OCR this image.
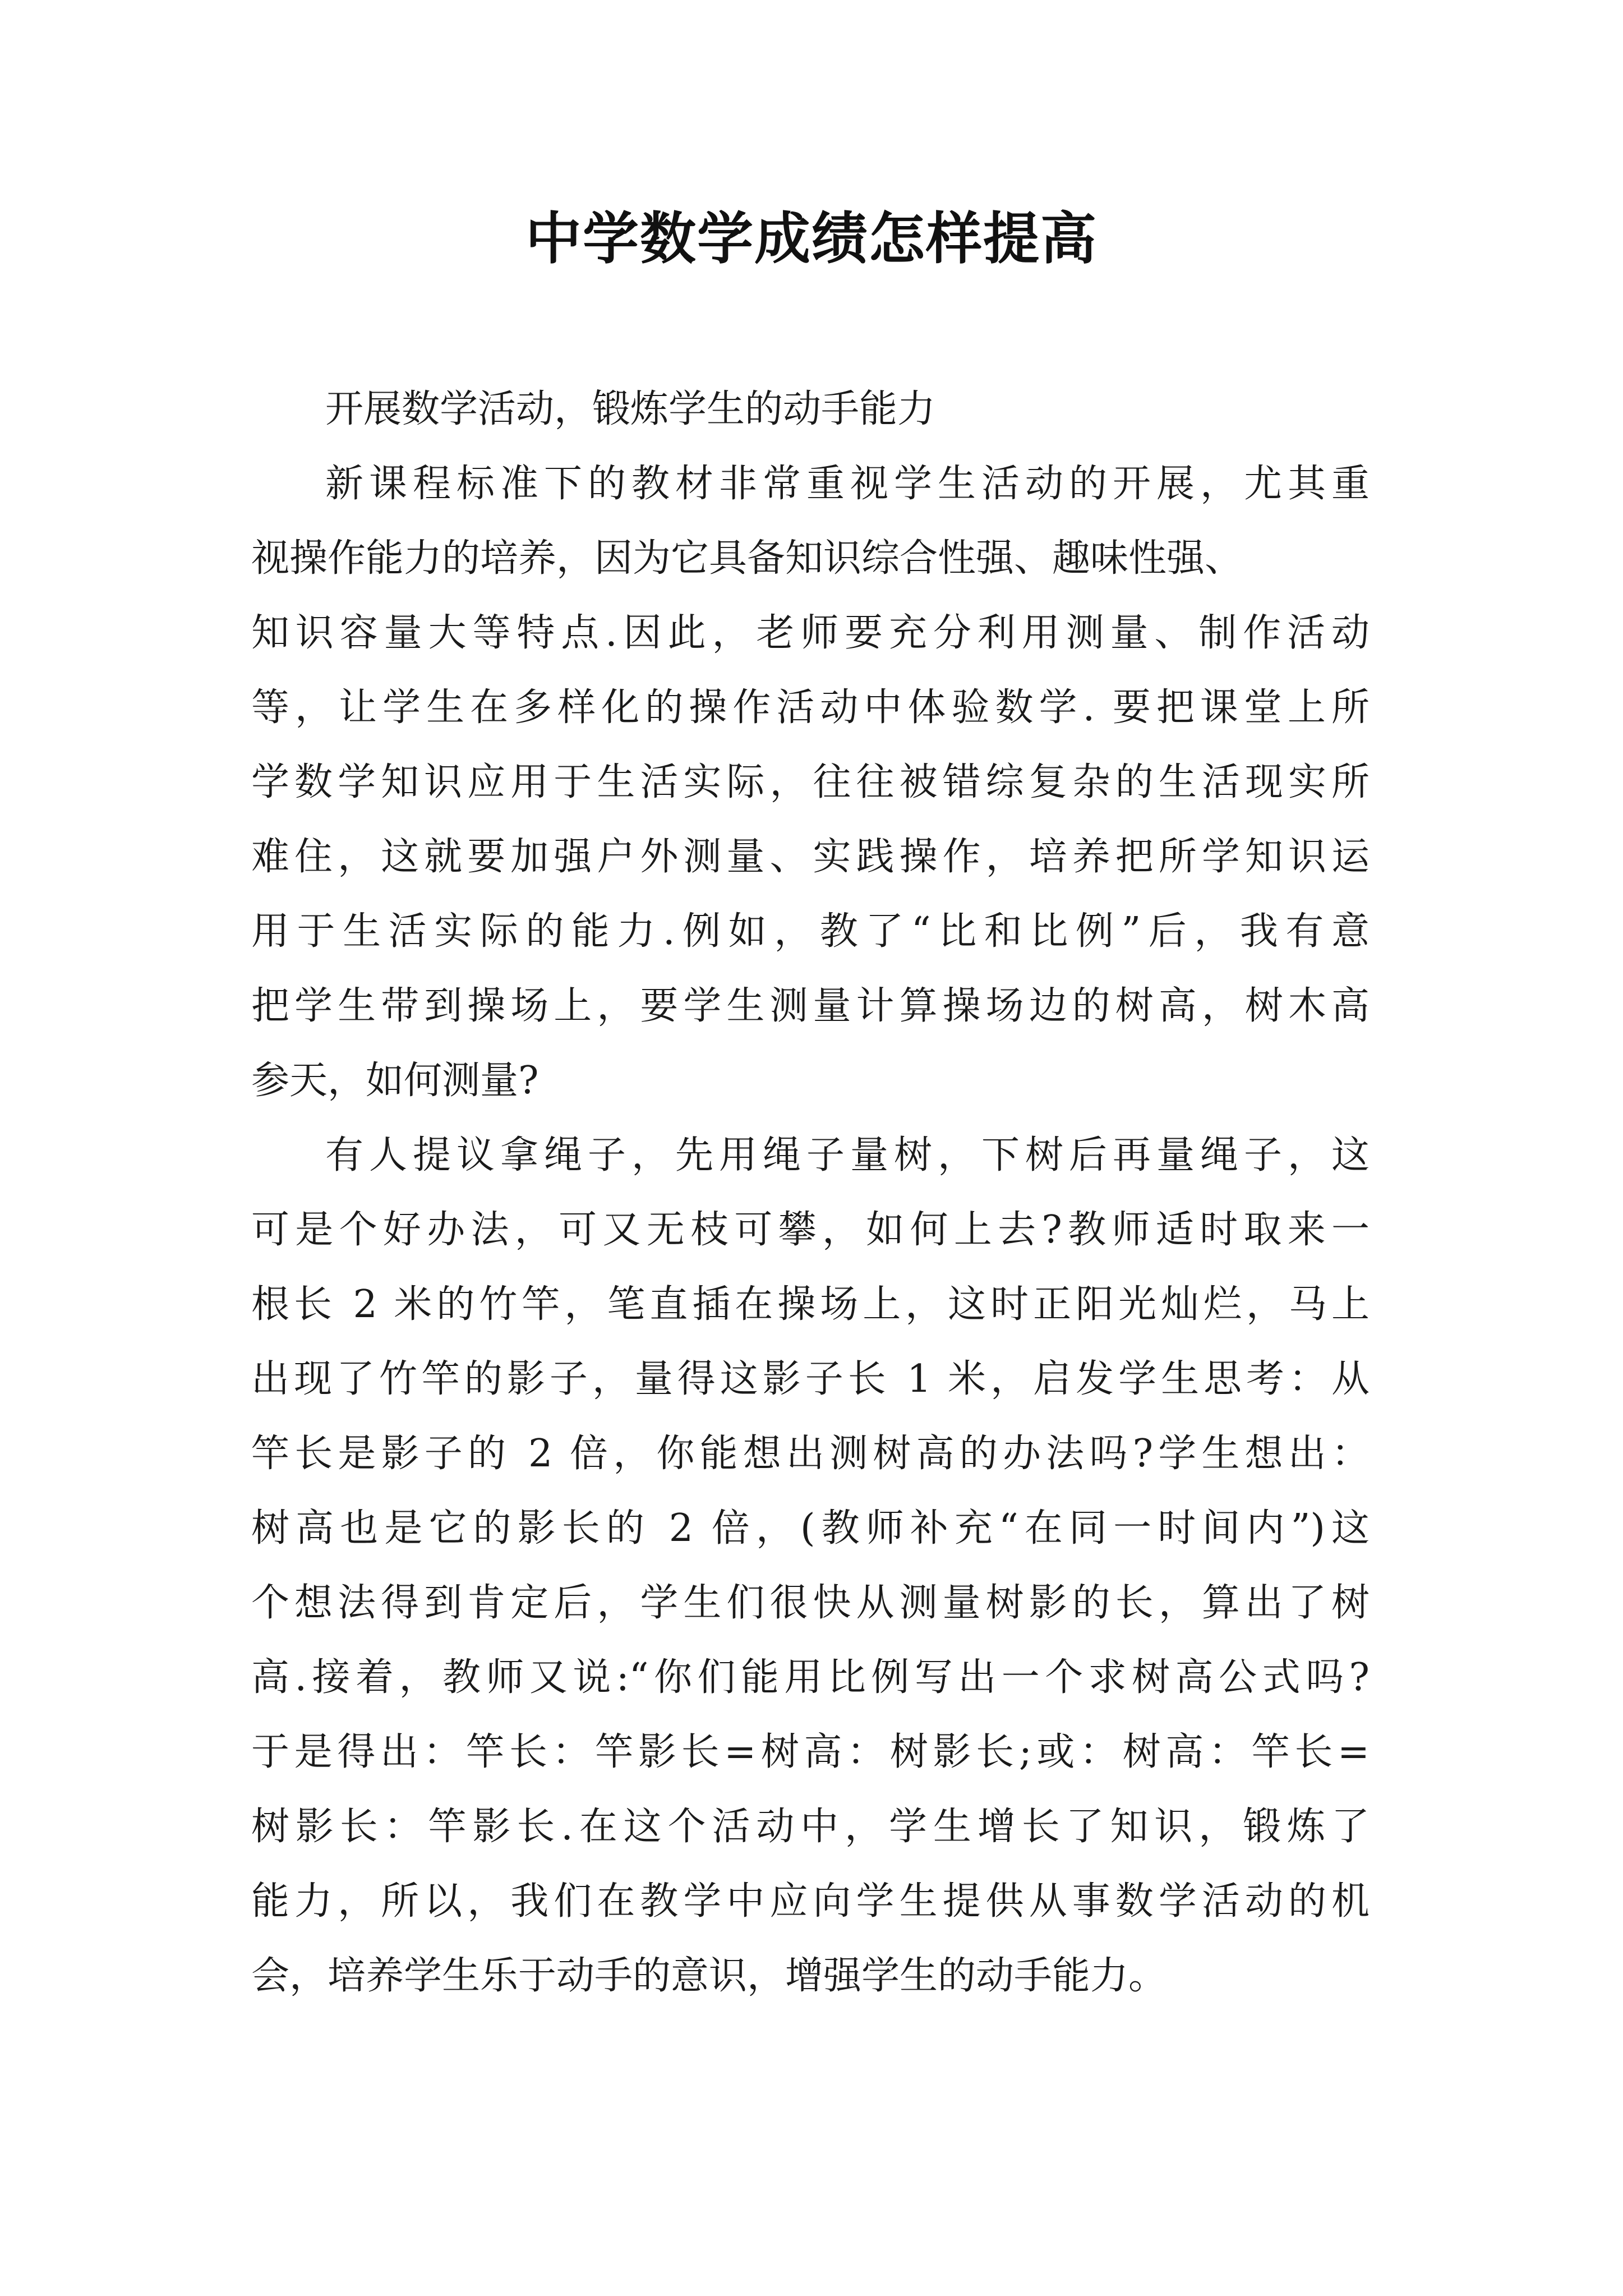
中学数学成绩怎样提高

开展数学活动，锻炼学生的动手能力

新课程标准下的教材非常重视学生活动的开展，尤其重

视操作能力的培养，因为它具备知识综合性强、趣味性强、

知识容量大等特点.因此，老师要充分利用测量、制作活动

等，让学生在多样化的操作活动中体验数学. 要把课堂上所

学数学知识应用于生活实际，往往被错综复杂的生活现实所

难住，这就要加强户外测量、实践操作，培养把所学知识运

用于生活实际的能力.例如，教了“比和比例”后，我有意

把学生带到操场上，要学生测量计算操场边的树高，树木高

参天，如何测量?

有人提议拿绳子，先用绳子量树，下树后再量绳子，这

可是个好办法，可又无枝可攀，如何上去?教师适时取来一

根长 2 米的竹竿，笔直插在操场上，这时正阳光灿烂，马上

出现了竹竿的影子，量得这影子长 1 米，启发学生思考：从

竿长是影子的 2 倍，你能想出测树高的办法吗?学生想出：

树高也是它的影长的 2 倍，(教师补充“在同一时间内”)这

个想法得到肯定后，学生们很快从测量树影的长，算出了树

高.接着，教师又说:“你们能用比例写出一个求树高公式吗?

于是得出：竿长：竿影长=树高：树影长;或：树高：竿长=

树影长：竿影长.在这个活动中，学生增长了知识，锻炼了

能力，所以，我们在教学中应向学生提供从事数学活动的机

会，培养学生乐于动手的意识，增强学生的动手能力。
